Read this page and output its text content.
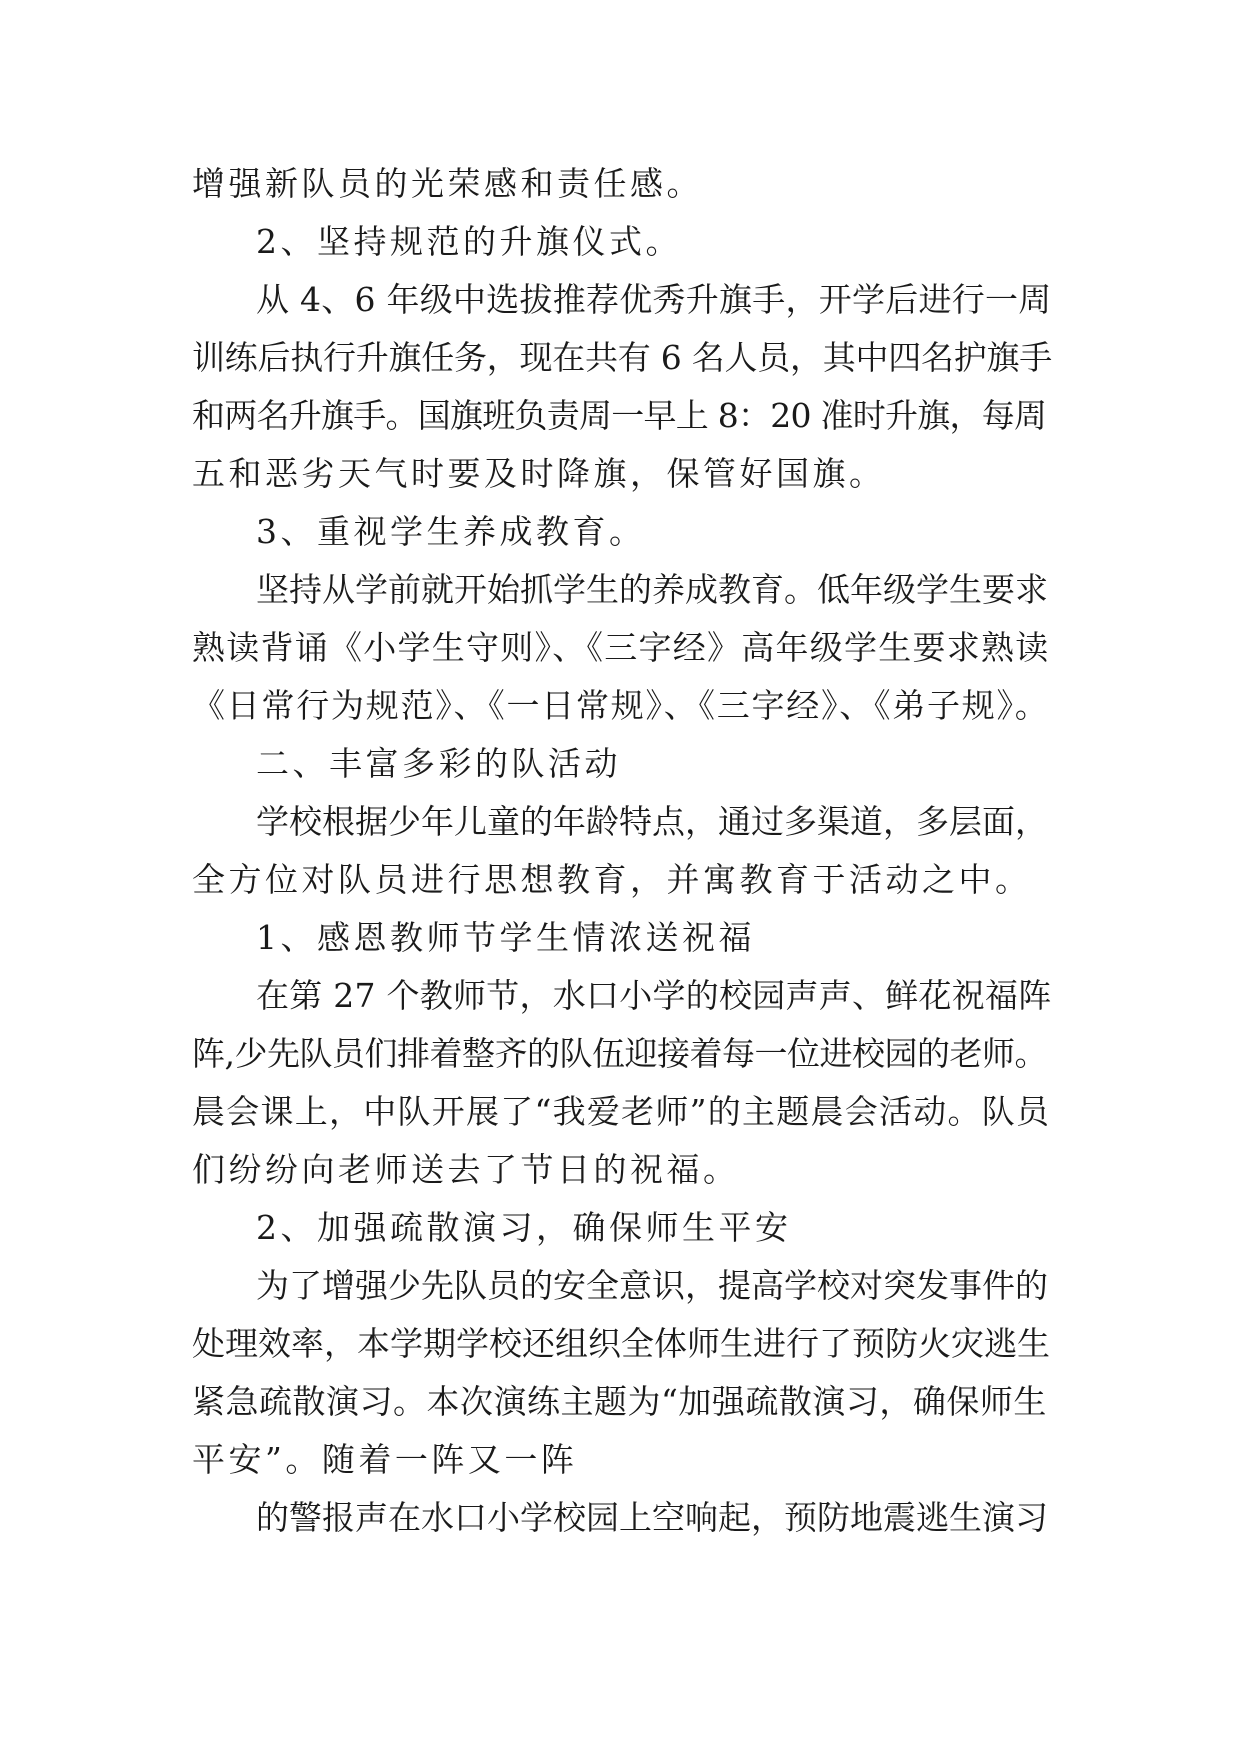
增强新队员的光荣感和责任感。
2、坚持规范的升旗仪式。
从 4、6 年级中选拔推荐优秀升旗手，开学后进行一周
训练后执行升旗任务，现在共有 6 名人员，其中四名护旗手
和两名升旗手。国旗班负责周一早上 8：20 准时升旗，每周
五和恶劣天气时要及时降旗，保管好国旗。
3、重视学生养成教育。
坚持从学前就开始抓学生的养成教育。低年级学生要求
熟读背诵《小学生守则》、《三字经》高年级学生要求熟读
《日常行为规范》、《一日常规》、《三字经》、《弟子规》。
二、丰富多彩的队活动
学校根据少年儿童的年龄特点，通过多渠道，多层面，
全方位对队员进行思想教育，并寓教育于活动之中。
1、感恩教师节学生情浓送祝福
在第 27 个教师节，水口小学的校园声声、鲜花祝福阵
阵,少先队员们排着整齐的队伍迎接着每一位进校园的老师。
晨会课上，中队开展了“我爱老师”的主题晨会活动。队员
们纷纷向老师送去了节日的祝福。
2、加强疏散演习，确保师生平安
为了增强少先队员的安全意识，提高学校对突发事件的
处理效率，本学期学校还组织全体师生进行了预防火灾逃生
紧急疏散演习。本次演练主题为“加强疏散演习，确保师生
平安”。随着一阵又一阵
的警报声在水口小学校园上空响起，预防地震逃生演习
